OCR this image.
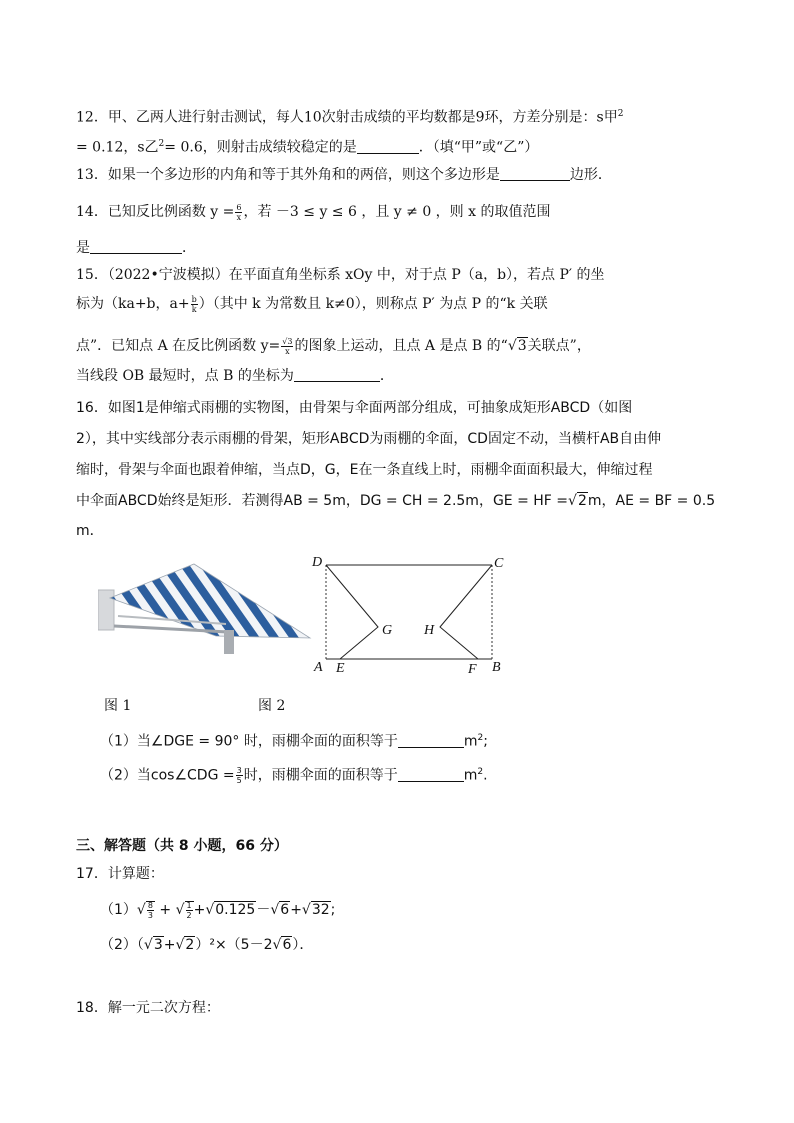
12．甲、乙两人进行射击测试，每人10次射击成绩的平均数都是9环，方差分别是：s甲$^2$
= 0.12，s乙$^2$= 0.6，则射击成绩较稳定的是	．（填“甲”或“乙”）
13．如果一个多边形的内角和等于其外角和的两倍，则这个多边形是	边形．
14．已知反比例函数 $y = \frac{6}{x}$ ，若 －3 ≤ y ≤ 6 ，且 y ≠ 0 ，则 x 的取值范围
是	．
15．（2022•宁波模拟）在平面直角坐标系 xOy 中，对于点 P（a，b），若点 P′ 的坐
标为（ka+b，$a+ \frac{b}{k}$ ）（其中 k 为常数且 k≠0），则称点 P′ 为点 P 的“k 关联
点”．已知点 A 在反比例函数 $y= \frac{√3}{x}$ 的图象上运动，且点 A 是点 B 的“√3关联点”，
当线段 OB 最短时，点 B 的坐标为	．
16．如图1是伸缩式雨棚的实物图，由骨架与伞面两部分组成，可抽象成矩形ABCD（如图
2），其中实线部分表示雨棚的骨架，矩形ABCD为雨棚的伞面，CD固定不动，当横杆AB自由伸
缩时，骨架与伞面也跟着伸缩，当点D，G，E在一条直线上时，雨棚伞面面积最大，伸缩过程
中伞面ABCD始终是矩形．若测得AB = 5m，DG = CH = 2.5m，GE = HF =√2m，AE = BF = 0.5
m．
D	C
G H
A E	F B
图 1	图 2
（1）当∠DGE = 90° 时，雨棚伞面的面积等于	$m^2$;
（2）当cos∠CDG = $\frac{3}{5}$ 时，雨棚伞面的面积等于	$m^2$.
三、解答题（共 8 小题，66 分）
17．计算题：
$(1)√ \frac{8}{3}$ + √ $\frac{1}{2} +√0.125-√6+√32$;
（2）（√3+√2）²×（5－2√6）．
18．解一元二次方程：
